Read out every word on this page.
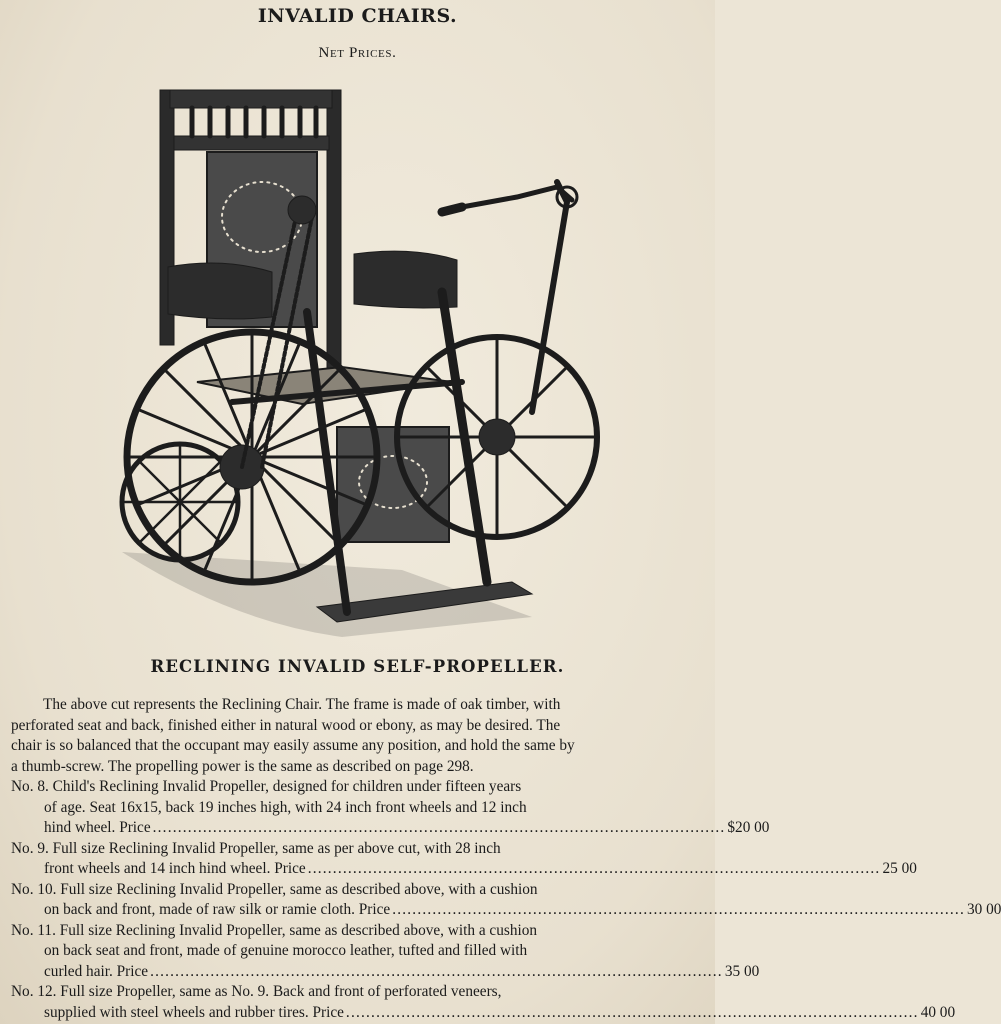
INVALID CHAIRS.
Net Prices.
RECLINING INVALID SELF-PROPELLER.
The above cut represents the Reclining Chair. The frame is made of oak timber, with
perforated seat and back, finished either in natural wood or ebony, as may be desired. The
chair is so balanced that the occupant may easily assume any position, and hold the same by
a thumb-screw. The propelling power is the same as described on page 298.
No. 8. Child's Reclining Invalid Propeller, designed for children under fifteen years
of age. Seat 16x15, back 19 inches high, with 24 inch front wheels and 12 inch
hind wheel. Price .................................................................................................................. $20 00
No. 9. Full size Reclining Invalid Propeller, same as per above cut, with 28 inch
front wheels and 14 inch hind wheel. Price .................................................................................................................. 25 00
No. 10. Full size Reclining Invalid Propeller, same as described above, with a cushion
on back and front, made of raw silk or ramie cloth. Price .................................................................................................................. 30 00
No. 11. Full size Reclining Invalid Propeller, same as described above, with a cushion
on back seat and front, made of genuine morocco leather, tufted and filled with
curled hair. Price .................................................................................................................. 35 00
No. 12. Full size Propeller, same as No. 9. Back and front of perforated veneers,
supplied with steel wheels and rubber tires. Price .................................................................................................................. 40 00
